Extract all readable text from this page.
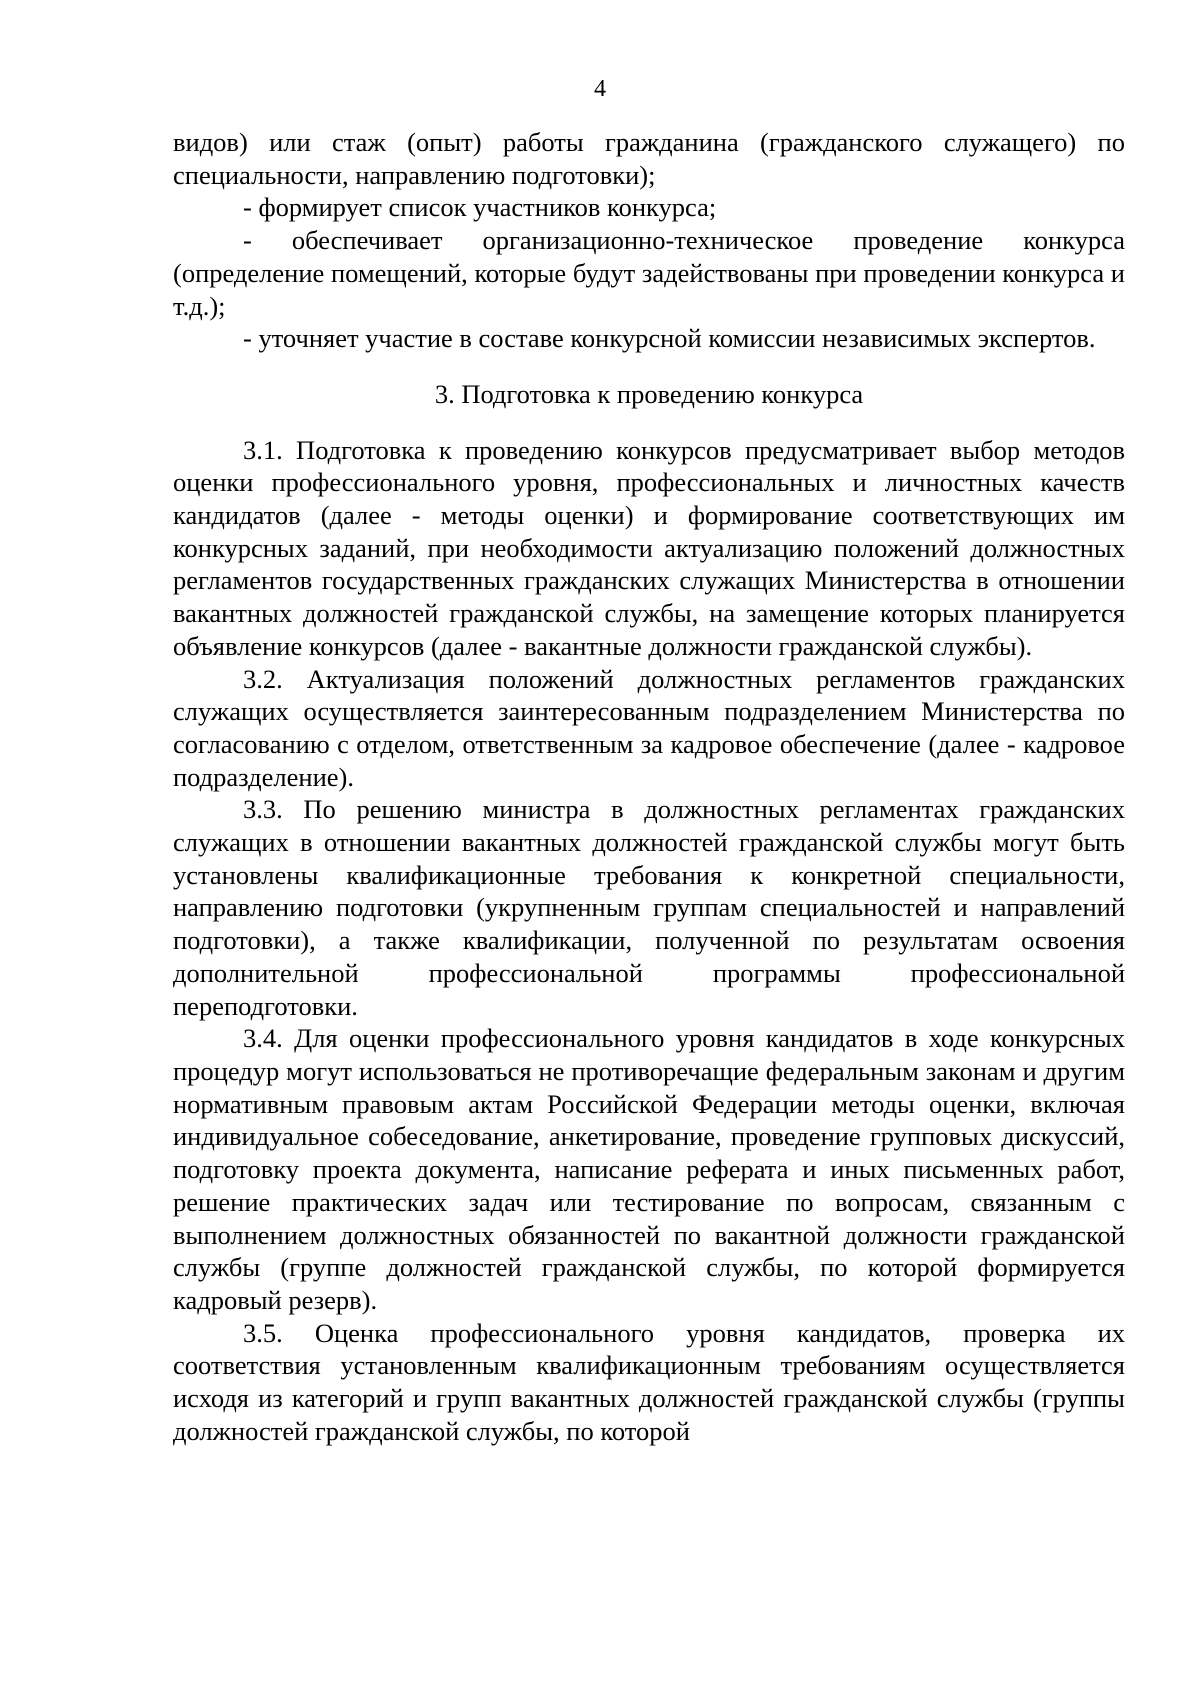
4

видов) или стаж (опыт) работы гражданина (гражданского служащего) по специальности, направлению подготовки);

- формирует список участников конкурса;

- обеспечивает организационно-техническое проведение конкурса (определение помещений, которые будут задействованы при проведении конкурса и т.д.);

- уточняет участие в составе конкурсной комиссии независимых экспертов.

3. Подготовка к проведению конкурса

3.1. Подготовка к проведению конкурсов предусматривает выбор методов оценки профессионального уровня, профессиональных и личностных качеств кандидатов (далее - методы оценки) и формирование соответствующих им конкурсных заданий, при необходимости актуализацию положений должностных регламентов государственных гражданских служащих Министерства в отношении вакантных должностей гражданской службы, на замещение которых планируется объявление конкурсов (далее - вакантные должности гражданской службы).

3.2. Актуализация положений должностных регламентов гражданских служащих осуществляется заинтересованным подразделением Министерства по согласованию с отделом, ответственным за кадровое обеспечение (далее - кадровое подразделение).

3.3. По решению министра в должностных регламентах гражданских служащих в отношении вакантных должностей гражданской службы могут быть установлены квалификационные требования к конкретной специальности, направлению подготовки (укрупненным группам специальностей и направлений подготовки), а также квалификации, полученной по результатам освоения дополнительной профессиональной программы профессиональной переподготовки.

3.4. Для оценки профессионального уровня кандидатов в ходе конкурсных процедур могут использоваться не противоречащие федеральным законам и другим нормативным правовым актам Российской Федерации методы оценки, включая индивидуальное собеседование, анкетирование, проведение групповых дискуссий, подготовку проекта документа, написание реферата и иных письменных работ, решение практических задач или тестирование по вопросам, связанным с выполнением должностных обязанностей по вакантной должности гражданской службы (группе должностей гражданской службы, по которой формируется кадровый резерв).

3.5. Оценка профессионального уровня кандидатов, проверка их соответствия установленным квалификационным требованиям осуществляется исходя из категорий и групп вакантных должностей гражданской службы (группы должностей гражданской службы, по которой
